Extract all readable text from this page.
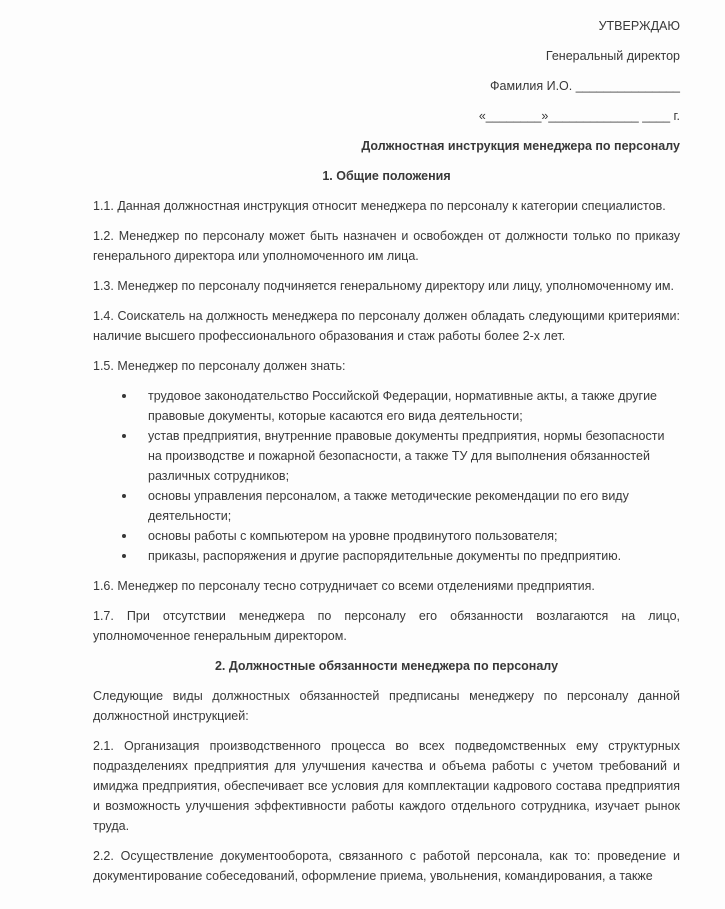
УТВЕРЖДАЮ

Генеральный директор

Фамилия И.О. _______________

«________»_____________ ____ г.

Должностная инструкция менеджера по персоналу

1. Общие положения

1.1. Данная должностная инструкция относит менеджера по персоналу к категории специалистов.

1.2. Менеджер по персоналу может быть назначен и освобожден от должности только по приказу генерального директора или уполномоченного им лица.

1.3. Менеджер по персоналу подчиняется генеральному директору или лицу, уполномоченному им.

1.4. Соискатель на должность менеджера по персоналу должен обладать следующими критериями: наличие высшего профессионального образования и стаж работы более 2-х лет.

1.5. Менеджер по персоналу должен знать:

трудовое законодательство Российской Федерации, нормативные акты, а также другие правовые документы, которые касаются его вида деятельности;
устав предприятия, внутренние правовые документы предприятия, нормы безопасности на производстве и пожарной безопасности, а также ТУ для выполнения обязанностей различных сотрудников;
основы управления персоналом, а также методические рекомендации по его виду деятельности;
основы работы с компьютером на уровне продвинутого пользователя;
приказы, распоряжения и другие распорядительные документы по предприятию.

1.6. Менеджер по персоналу тесно сотрудничает со всеми отделениями предприятия.

1.7. При отсутствии менеджера по персоналу его обязанности возлагаются на лицо, уполномоченное генеральным директором.

2. Должностные обязанности менеджера по персоналу

Следующие виды должностных обязанностей предписаны менеджеру по персоналу данной должностной инструкцией:

2.1. Организация производственного процесса во всех подведомственных ему структурных подразделениях предприятия для улучшения качества и объема работы с учетом требований и имиджа предприятия, обеспечивает все условия для комплектации кадрового состава предприятия и возможность улучшения эффективности работы каждого отдельного сотрудника, изучает рынок труда.

2.2. Осуществление документооборота, связанного с работой персонала, как то: проведение и документирование собеседований, оформление приема, увольнения, командирования, а также
